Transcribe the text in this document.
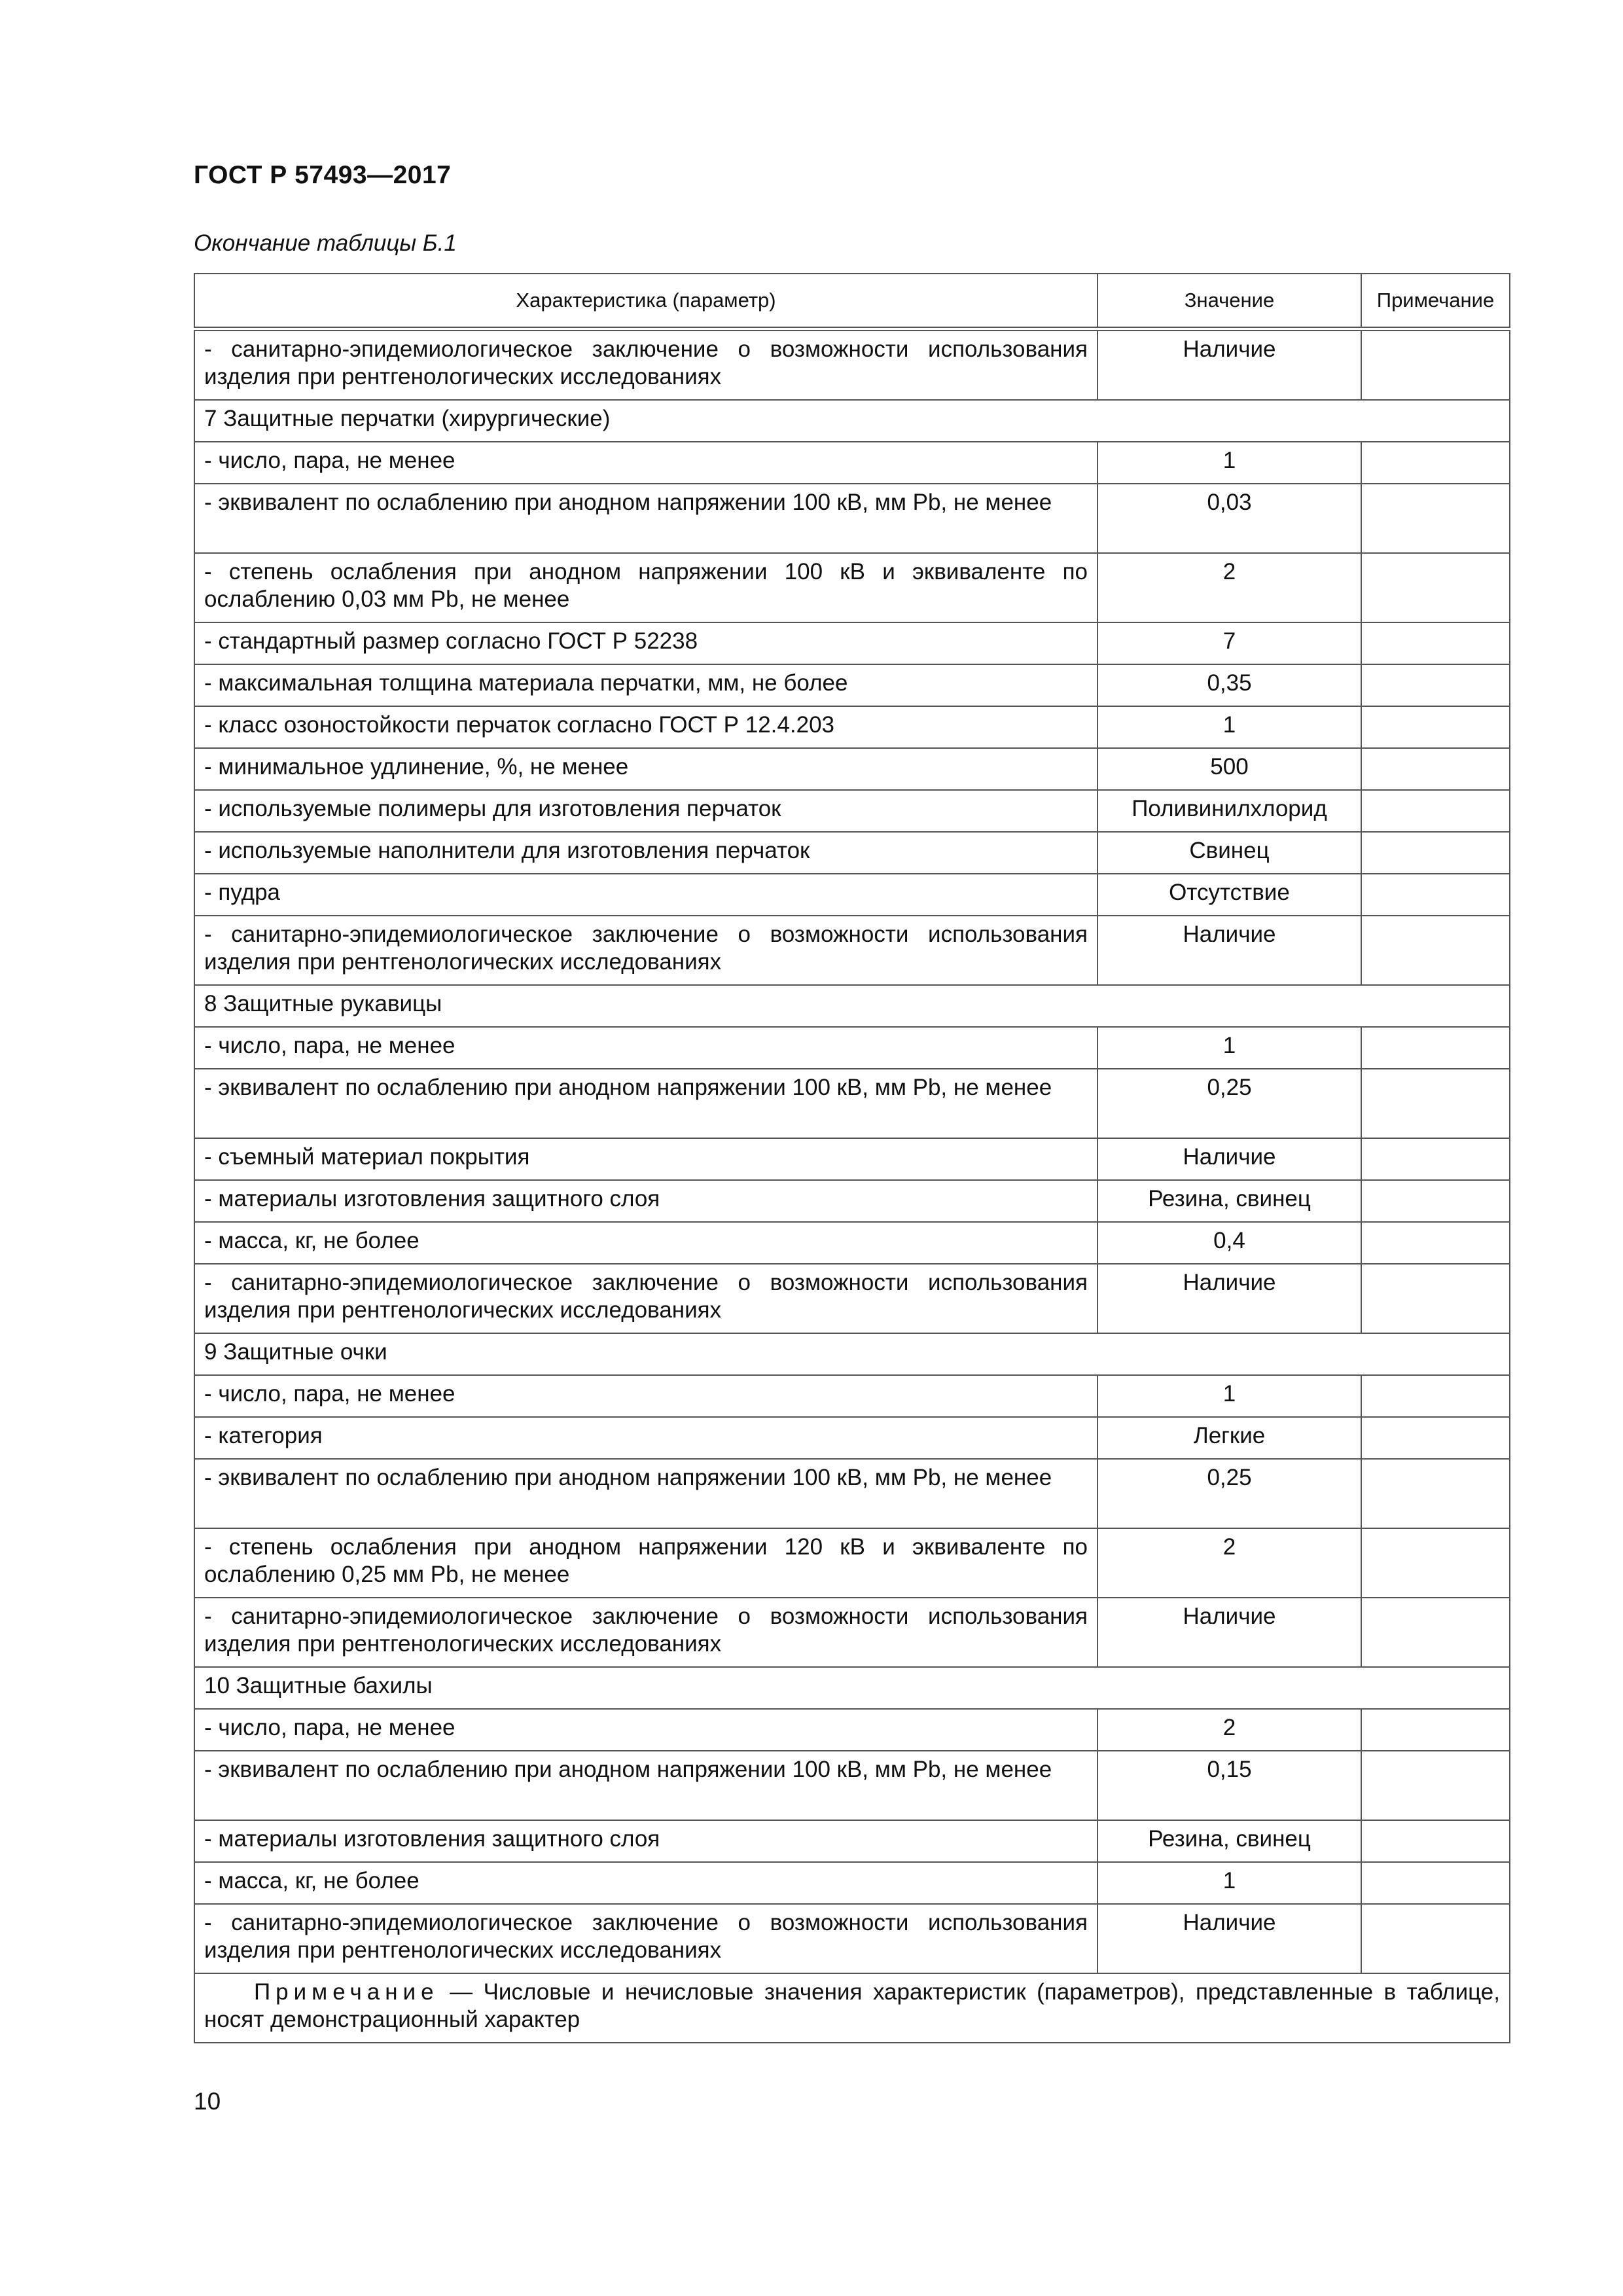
ГОСТ Р 57493—2017
Окончание таблицы Б.1
Характеристика (параметр)	Значение	Примечание
- санитарно-эпидемиологическое заключение о возможности использования изделия при рентгенологических исследованиях	Наличие	
7 Защитные перчатки (хирургические)		
- число, пара, не менее	1	
- эквивалент по ослаблению при анодном напряжении 100 кВ, мм Pb, не менее	0,03	
- степень ослабления при анодном напряжении 100 кВ и эквиваленте по ослаблению 0,03 мм Pb, не менее	2	
- стандартный размер согласно ГОСТ Р 52238	7	
- максимальная толщина материала перчатки, мм, не более	0,35	
- класс озоностойкости перчаток согласно ГОСТ Р 12.4.203	1	
- минимальное удлинение, %, не менее	500	
- используемые полимеры для изготовления перчаток	Поливинилхлорид	
- используемые наполнители для изготовления перчаток	Свинец	
- пудра	Отсутствие	
- санитарно-эпидемиологическое заключение о возможности использования изделия при рентгенологических исследованиях	Наличие	
8 Защитные рукавицы		
- число, пара, не менее	1	
- эквивалент по ослаблению при анодном напряжении 100 кВ, мм Pb, не менее	0,25	
- съемный материал покрытия	Наличие	
- материалы изготовления защитного слоя	Резина, свинец	
- масса, кг, не более	0,4	
- санитарно-эпидемиологическое заключение о возможности использования изделия при рентгенологических исследованиях	Наличие	
9 Защитные очки		
- число, пара, не менее	1	
- категория	Легкие	
- эквивалент по ослаблению при анодном напряжении 100 кВ, мм Pb, не менее	0,25	
- степень ослабления при анодном напряжении 120 кВ и эквиваленте по ослаблению 0,25 мм Pb, не менее	2	
- санитарно-эпидемиологическое заключение о возможности использования изделия при рентгенологических исследованиях	Наличие	
10 Защитные бахилы		
- число, пара, не менее	2	
- эквивалент по ослаблению при анодном напряжении 100 кВ, мм Pb, не менее	0,15	
- материалы изготовления защитного слоя	Резина, свинец	
- масса, кг, не более	1	
- санитарно-эпидемиологическое заключение о возможности использования изделия при рентгенологических исследованиях	Наличие	
Примечание — Числовые и нечисловые значения характеристик (параметров), представленные в таблице, носят демонстрационный характер		
10
